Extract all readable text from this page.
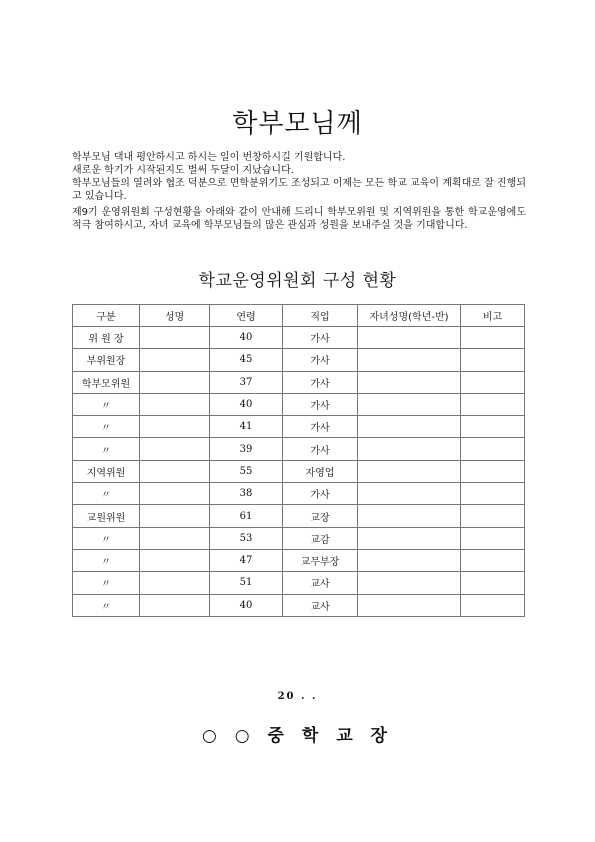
학부모님께
학부모님 댁내 평안하시고 하시는 일이 번창하시길 기원합니다.
새로운 학기가 시작된지도 벌써 두달이 지났습니다.
학부모님들의 열려와 협조 덕분으로 면학분위기도 조성되고 이제는 모든 학교 교육이 계획대로 잘 진행되고 있습니다.
제9기 운영위원회 구성현황을 아래와 같이 안내해 드리니 학부모위원 및 지역위원을 통한 학교운영에도 적극 참여하시고, 자녀 교육에 학부모님들의 많은 관심과 성원을 보내주실 것을 기대합니다.
학교운영위원회 구성 현황
구분	성명	연령	직업	자녀성명(학년-반)	비고
위 원 장		40	가사		
부위원장		45	가사		
학부모위원		37	가사		
〃		40	가사		
〃		41	가사		
〃		39	가사		
지역위원		55	자영업		
〃		38	가사		
교원위원		61	교장		
〃		53	교감		
〃		47	교무부장		
〃		51	교사		
〃		40	교사		
20 . .
○ ○ 중 학 교 장
